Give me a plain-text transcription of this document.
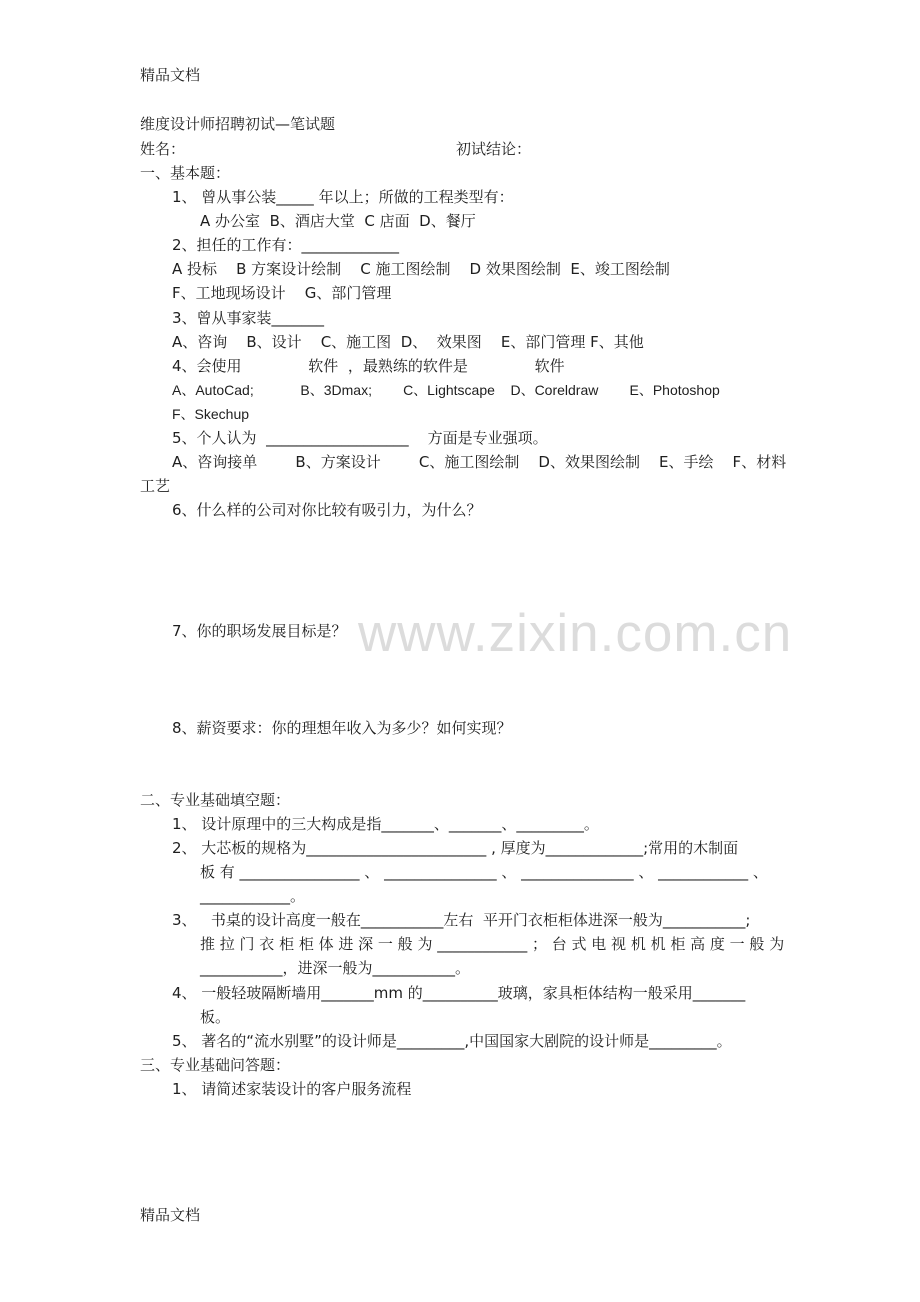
精品文档
维度设计师招聘初试—笔试题
姓名：	初试结论：
一、基本题：
1、 曾从事公装_____ 年以上；所做的工程类型有：
A 办公室  B、酒店大堂  C 店面  D、餐厅
2、担任的工作有：_____________
A 投标    B 方案设计绘制    C 施工图绘制    D 效果图绘制  E、竣工图绘制
F、工地现场设计    G、部门管理
3、曾从事家装_______
A、咨询    B、设计    C、施工图  D、  效果图    E、部门管理 F、其他
4、会使用              软件  ，最熟练的软件是              软件
A、AutoCad;            B、3Dmax;        C、Lightscape    D、Coreldraw        E、Photoshop
F、Skechup
5、个人认为  ___________________    方面是专业强项。
A、咨询接单        B、方案设计        C、施工图绘制    D、效果图绘制    E、手绘    F、材料
工艺
6、什么样的公司对你比较有吸引力，为什么？
7、你的职场发展目标是？
8、薪资要求：你的理想年收入为多少？如何实现？
www.zixin.com.cn
二、专业基础填空题：
1、 设计原理中的三大构成是指_______、_______、_________。
2、 大芯板的规格为________________________ , 厚度为_____________;常用的木制面
板 有 ________________ 、 _______________ 、 _______________ 、 ____________ 、
____________。
3、   书桌的设计高度一般在___________左右  平开门衣柜柜体进深一般为___________;
推 拉 门 衣 柜 柜 体 进 深 一 般 为 ____________ ； 台 式 电 视 机 机 柜 高 度 一 般 为
___________，进深一般为___________。
4、 一般轻玻隔断墙用_______mm 的__________玻璃，家具柜体结构一般采用_______
板。
5、 著名的“流水别墅”的设计师是_________,中国国家大剧院的设计师是_________。
三、专业基础问答题：
1、 请简述家装设计的客户服务流程
精品文档
